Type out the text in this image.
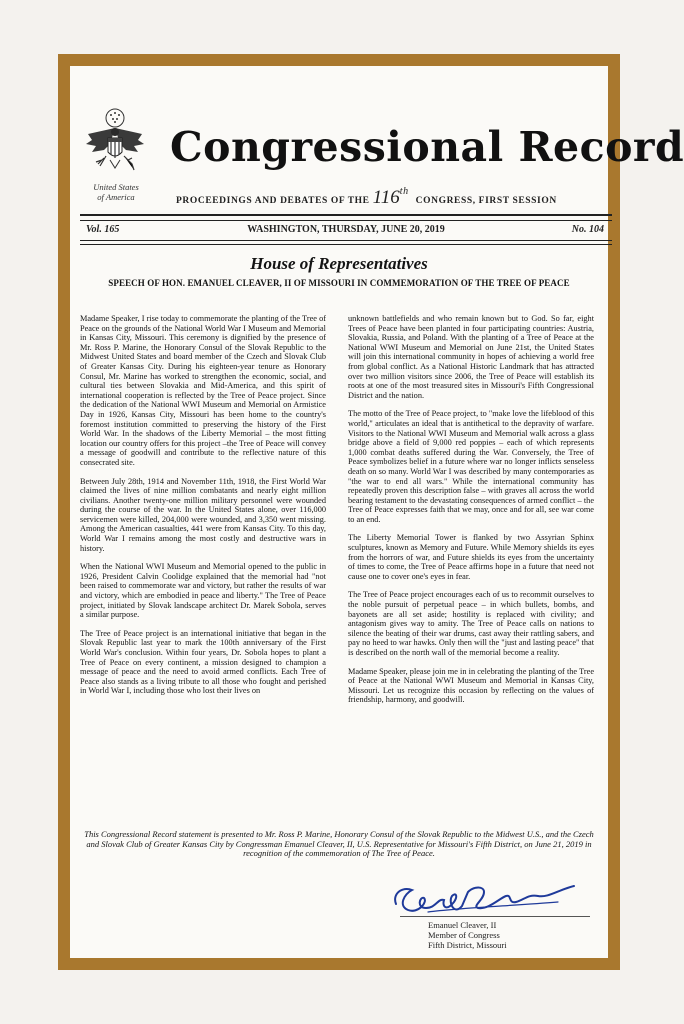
United States
of America
Congressional Record
PROCEEDINGS AND DEBATES OF THE 116th CONGRESS, FIRST SESSION
Vol. 165	WASHINGTON, THURSDAY, JUNE 20, 2019	No. 104
House of Representatives
SPEECH OF HON. EMANUEL CLEAVER, II OF MISSOURI IN COMMEMORATION OF THE TREE OF PEACE

Madame Speaker, I rise today to commemorate the planting of the Tree of Peace on the grounds of the National World War I Museum and Memorial in Kansas City, Missouri. This ceremony is dignified by the presence of Mr. Ross P. Marine, the Honorary Consul of the Slovak Republic to the Midwest United States and board member of the Czech and Slovak Club of Greater Kansas City. During his eighteen-year tenure as Honorary Consul, Mr. Marine has worked to strengthen the economic, social, and cultural ties between Slovakia and Mid-America, and this spirit of international cooperation is reflected by the Tree of Peace project. Since the dedication of the National WWI Museum and Memorial on Armistice Day in 1926, Kansas City, Missouri has been home to the country's foremost institution committed to preserving the history of the First World War. In the shadows of the Liberty Memorial – the most fitting location our country offers for this project –the Tree of Peace will convey a message of goodwill and contribute to the reflective nature of this consecrated site.

Between July 28th, 1914 and November 11th, 1918, the First World War claimed the lives of nine million combatants and nearly eight million civilians. Another twenty-one million military personnel were wounded during the course of the war. In the United States alone, over 116,000 servicemen were killed, 204,000 were wounded, and 3,350 went missing. Among the American casualties, 441 were from Kansas City. To this day, World War I remains among the most costly and destructive wars in history.

When the National WWI Museum and Memorial opened to the public in 1926, President Calvin Coolidge explained that the memorial had "not been raised to commemorate war and victory, but rather the results of war and victory, which are embodied in peace and liberty." The Tree of Peace project, initiated by Slovak landscape architect Dr. Marek Sobola, serves a similar purpose.

The Tree of Peace project is an international initiative that began in the Slovak Republic last year to mark the 100th anniversary of the First World War's conclusion. Within four years, Dr. Sobola hopes to plant a Tree of Peace on every continent, a mission designed to champion a message of peace and the need to avoid armed conflicts. Each Tree of Peace also stands as a living tribute to all those who fought and perished in World War I, including those who lost their lives on

unknown battlefields and who remain known but to God. So far, eight Trees of Peace have been planted in four participating countries: Austria, Slovakia, Russia, and Poland. With the planting of a Tree of Peace at the National WWI Museum and Memorial on June 21st, the United States will join this international community in hopes of achieving a world free from global conflict. As a National Historic Landmark that has attracted over two million visitors since 2006, the Tree of Peace will establish its roots at one of the most treasured sites in Missouri's Fifth Congressional District and the nation.

The motto of the Tree of Peace project, to "make love the lifeblood of this world," articulates an ideal that is antithetical to the depravity of warfare. Visitors to the National WWI Museum and Memorial walk across a glass bridge above a field of 9,000 red poppies – each of which represents 1,000 combat deaths suffered during the War. Conversely, the Tree of Peace symbolizes belief in a future where war no longer inflicts senseless death on so many. World War I was described by many contemporaries as "the war to end all wars." While the international community has repeatedly proven this description false – with graves all across the world bearing testament to the devastating consequences of armed conflict – the Tree of Peace expresses faith that we may, once and for all, see war come to an end.

The Liberty Memorial Tower is flanked by two Assyrian Sphinx sculptures, known as Memory and Future. While Memory shields its eyes from the horrors of war, and Future shields its eyes from the uncertainty of times to come, the Tree of Peace affirms hope in a future that need not cause one to cover one's eyes in fear.

The Tree of Peace project encourages each of us to recommit ourselves to the noble pursuit of perpetual peace – in which bullets, bombs, and bayonets are all set aside; hostility is replaced with civility; and antagonism gives way to amity. The Tree of Peace calls on nations to silence the beating of their war drums, cast away their rattling sabers, and pay no heed to war hawks. Only then will the "just and lasting peace" that is described on the north wall of the memorial become a reality.

Madame Speaker, please join me in in celebrating the planting of the Tree of Peace at the National WWI Museum and Memorial in Kansas City, Missouri. Let us recognize this occasion by reflecting on the values of friendship, harmony, and goodwill.

This Congressional Record statement is presented to Mr. Ross P. Marine, Honorary Consul of the Slovak Republic to the Midwest U.S., and the Czech and Slovak Club of Greater Kansas City by Congressman Emanuel Cleaver, II, U.S. Representative for Missouri's Fifth District, on June 21, 2019 in recognition of the commemoration of The Tree of Peace.
Emanuel Cleaver, II
Member of Congress
Fifth District, Missouri
